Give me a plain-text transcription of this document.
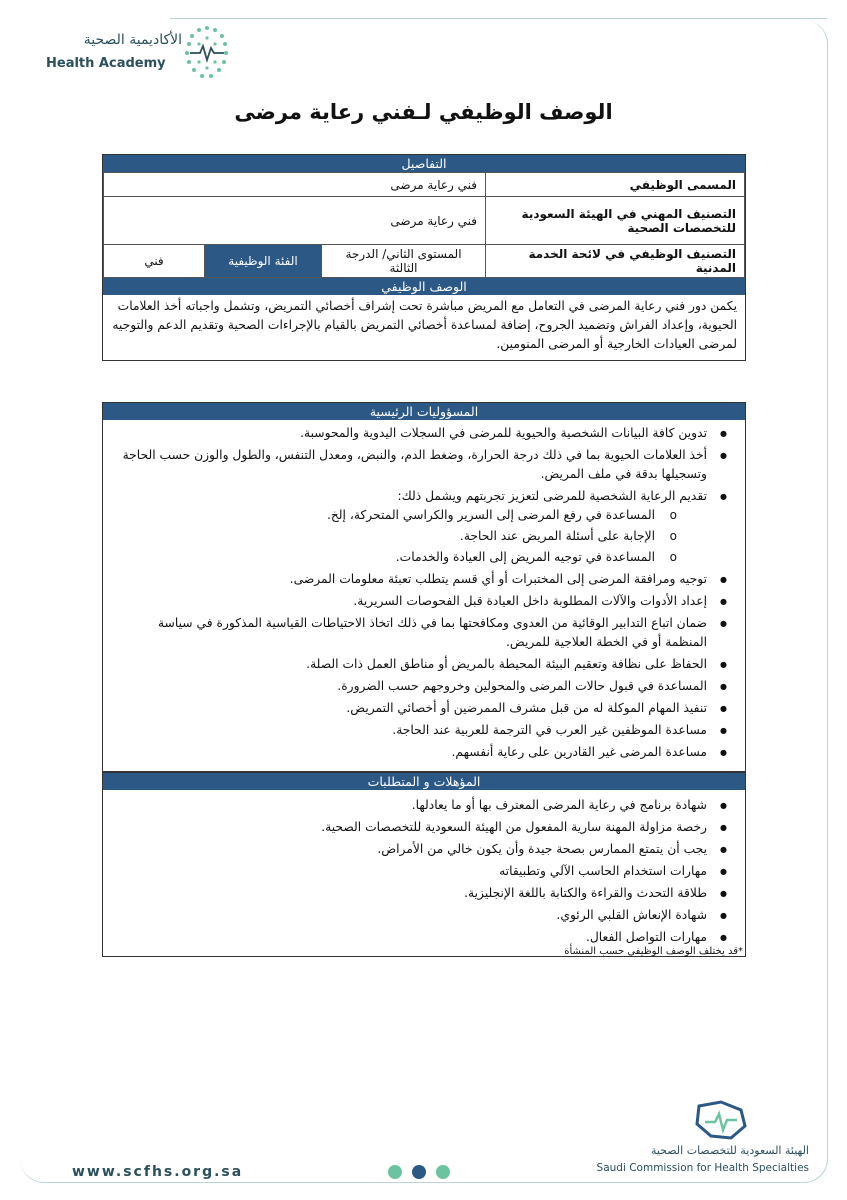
الأكاديمية الصحية
Health Academy
الوصف الوظيفي لـفني رعاية مرضى
التفاصيل
المسمى الوظيفي	فني رعاية مرضى		
التصنيف المهني في الهيئة السعودية للتخصصات الصحية	فني رعاية مرضى		
التصنيف الوظيفي في لائحة الخدمة المدنية	المستوى الثاني/ الدرجة الثالثة	الفئة الوظيفية	فني
الوصف الوظيفي
يكمن دور فني رعاية المرضى في التعامل مع المريض مباشرة تحت إشراف أخصائي التمريض، وتشمل واجباته أخذ العلامات الحيوية، وإعداد الفراش وتضميد الجروح، إضافة لمساعدة أخصائي التمريض بالقيام بالإجراءات الصحية وتقديم الدعم والتوجيه لمرضى العيادات الخارجية أو المرضى المنومين.
المسؤوليات الرئيسية
● تدوين كافة البيانات الشخصية والحيوية للمرضى في السجلات اليدوية والمحوسبة.
● أخذ العلامات الحيوية بما في ذلك درجة الحرارة، وضغط الدم، والنبض، ومعدل التنفس، والطول والوزن حسب الحاجة وتسجيلها بدقة في ملف المريض.
● تقديم الرعاية الشخصية للمرضى لتعزيز تجربتهم ويشمل ذلك:
o المساعدة في رفع المرضى إلى السرير والكراسي المتحركة، إلخ.
o الإجابة على أسئلة المريض عند الحاجة.
o المساعدة في توجيه المريض إلى العيادة والخدمات.
● توجيه ومرافقة المرضى إلى المختبرات أو أي قسم يتطلب تعبئة معلومات المرضى.
● إعداد الأدوات والآلات المطلوبة داخل العيادة قبل الفحوصات السريرية.
● ضمان اتباع التدابير الوقائية من العدوى ومكافحتها بما في ذلك اتخاذ الاحتياطات القياسية المذكورة في سياسة المنظمة أو في الخطة العلاجية للمريض.
● الحفاظ على نظافة وتعقيم البيئة المحيطة بالمريض أو مناطق العمل ذات الصلة.
● المساعدة في قبول حالات المرضى والمحولين وخروجهم حسب الضرورة.
● تنفيذ المهام الموكلة له من قبل مشرف الممرضين أو أخصائي التمريض.
● مساعدة الموظفين غير العرب في الترجمة للعربية عند الحاجة.
● مساعدة المرضى غير القادرين على رعاية أنفسهم.
المؤهلات و المتطلبات
● شهادة برنامج في رعاية المرضى المعترف بها أو ما يعادلها.
● رخصة مزاولة المهنة سارية المفعول من الهيئة السعودية للتخصصات الصحية.
● يجب أن يتمتع الممارس بصحة جيدة وأن يكون خالي من الأمراض.
● مهارات استخدام الحاسب الآلي وتطبيقاته
● طلاقة التحدث والقراءة والكتابة باللغة الإنجليزية.
● شهادة الإنعاش القلبي الرئوي.
● مهارات التواصل الفعال.
*قد يختلف الوصف الوظيفي حسب المنشأة
الهيئة السعودية للتخصصات الصحية
Saudi Commission for Health Specialties
www.scfhs.org.sa
